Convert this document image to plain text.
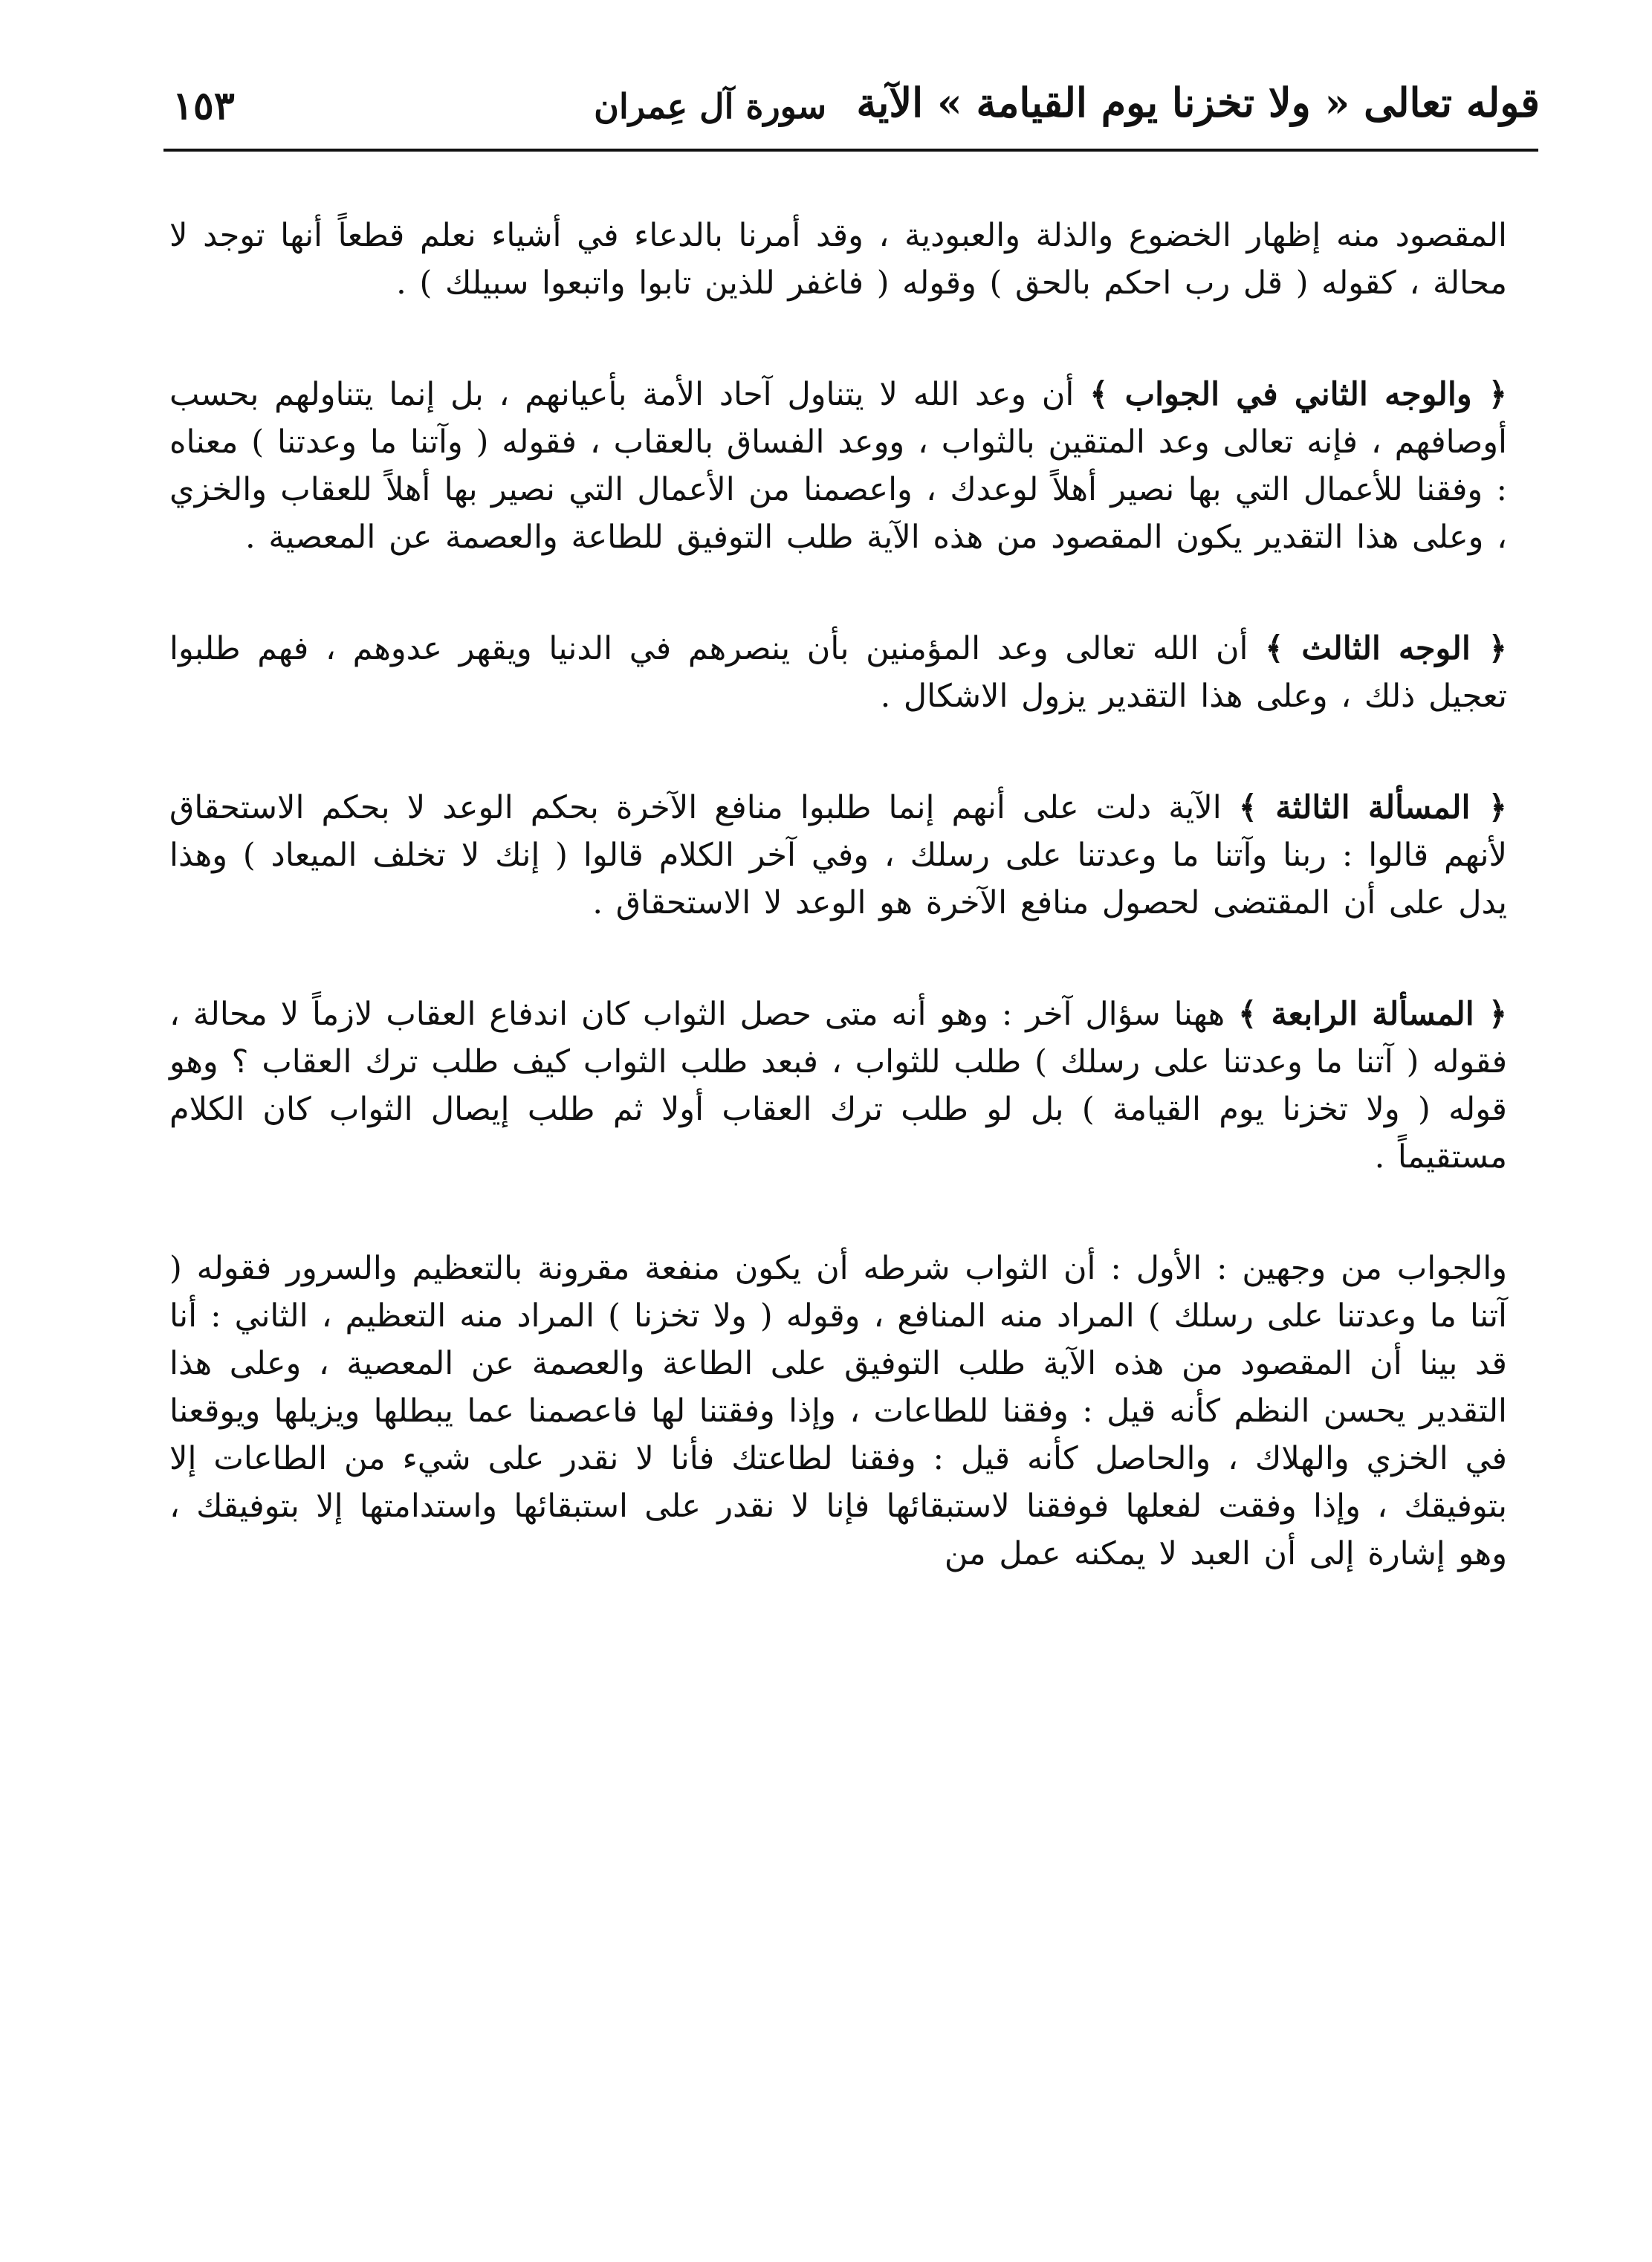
قوله تعالى « ولا تخزنا يوم القيامة » الآية
سورة آل عِمران
١٥٣

المقصود منه إظهار الخضوع والذلة والعبودية ، وقد أمرنا بالدعاء في أشياء نعلم قطعاً أنها توجد لا محالة ، كقوله ( قل رب احكم بالحق ) وقوله ( فاغفر للذين تابوا واتبعوا سبيلك ) .

﴿ والوجه الثاني في الجواب ﴾ أن وعد الله لا يتناول آحاد الأمة بأعيانهم ، بل إنما يتناولهم بحسب أوصافهم ، فإنه تعالى وعد المتقين بالثواب ، ووعد الفساق بالعقاب ، فقوله ( وآتنا ما وعدتنا ) معناه : وفقنا للأعمال التي بها نصير أهلاً لوعدك ، واعصمنا من الأعمال التي نصير بها أهلاً للعقاب والخزي ، وعلى هذا التقدير يكون المقصود من هذه الآية طلب التوفيق للطاعة والعصمة عن المعصية .

﴿ الوجه الثالث ﴾ أن الله تعالى وعد المؤمنين بأن ينصرهم في الدنيا ويقهر عدوهم ، فهم طلبوا تعجيل ذلك ، وعلى هذا التقدير يزول الاشكال .

﴿ المسألة الثالثة ﴾ الآية دلت على أنهم إنما طلبوا منافع الآخرة بحكم الوعد لا بحكم الاستحقاق لأنهم قالوا : ربنا وآتنا ما وعدتنا على رسلك ، وفي آخر الكلام قالوا ( إنك لا تخلف الميعاد ) وهذا يدل على أن المقتضى لحصول منافع الآخرة هو الوعد لا الاستحقاق .

﴿ المسألة الرابعة ﴾ ههنا سؤال آخر : وهو أنه متى حصل الثواب كان اندفاع العقاب لازماً لا محالة ، فقوله ( آتنا ما وعدتنا على رسلك ) طلب للثواب ، فبعد طلب الثواب كيف طلب ترك العقاب ؟ وهو قوله ( ولا تخزنا يوم القيامة ) بل لو طلب ترك العقاب أولا ثم طلب إيصال الثواب كان الكلام مستقيماً .

والجواب من وجهين : الأول : أن الثواب شرطه أن يكون منفعة مقرونة بالتعظيم والسرور فقوله ( آتنا ما وعدتنا على رسلك ) المراد منه المنافع ، وقوله ( ولا تخزنا ) المراد منه التعظيم ، الثاني : أنا قد بينا أن المقصود من هذه الآية طلب التوفيق على الطاعة والعصمة عن المعصية ، وعلى هذا التقدير يحسن النظم كأنه قيل : وفقنا للطاعات ، وإذا وفقتنا لها فاعصمنا عما يبطلها ويزيلها ويوقعنا في الخزي والهلاك ، والحاصل كأنه قيل : وفقنا لطاعتك فأنا لا نقدر على شيء من الطاعات إلا بتوفيقك ، وإذا وفقت لفعلها فوفقنا لاستبقائها فإنا لا نقدر على استبقائها واستدامتها إلا بتوفيقك ، وهو إشارة إلى أن العبد لا يمكنه عمل من
